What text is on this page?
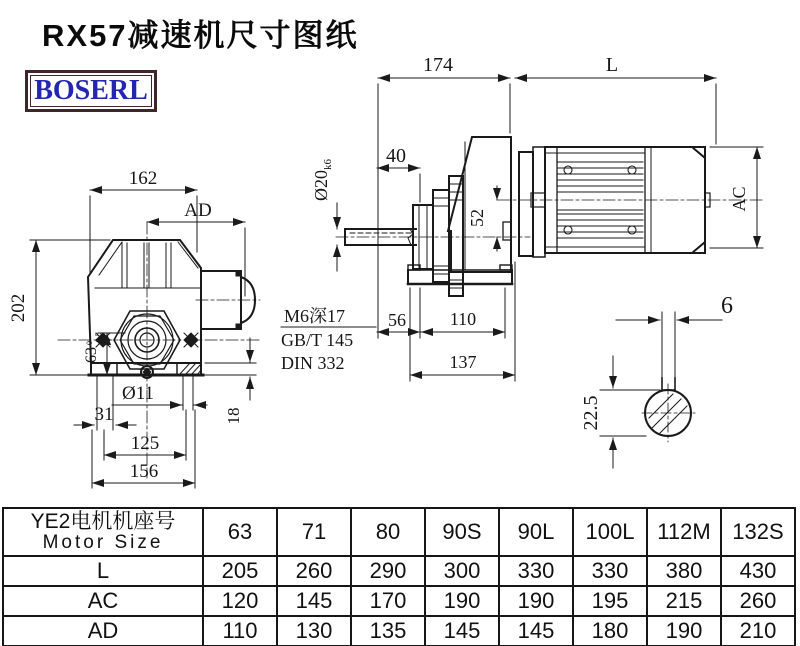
RX57减速机尺寸图纸
BOSERL
162
AD
202
63
0 -0.5
Ø11
31
125
156
18
174	L
40
Ø20
k6
52
M6深17
GB/T 145
DIN 332
56 110
137
AC
6
22.5
YE2电机机座号
Motor Size	63	71	80	90S	90L	100L	112M	132S
L	205	260	290	300	330	330	380	430
AC	120	145	170	190	190	195	215	260
AD	110	130	135	145	145	180	190	210
